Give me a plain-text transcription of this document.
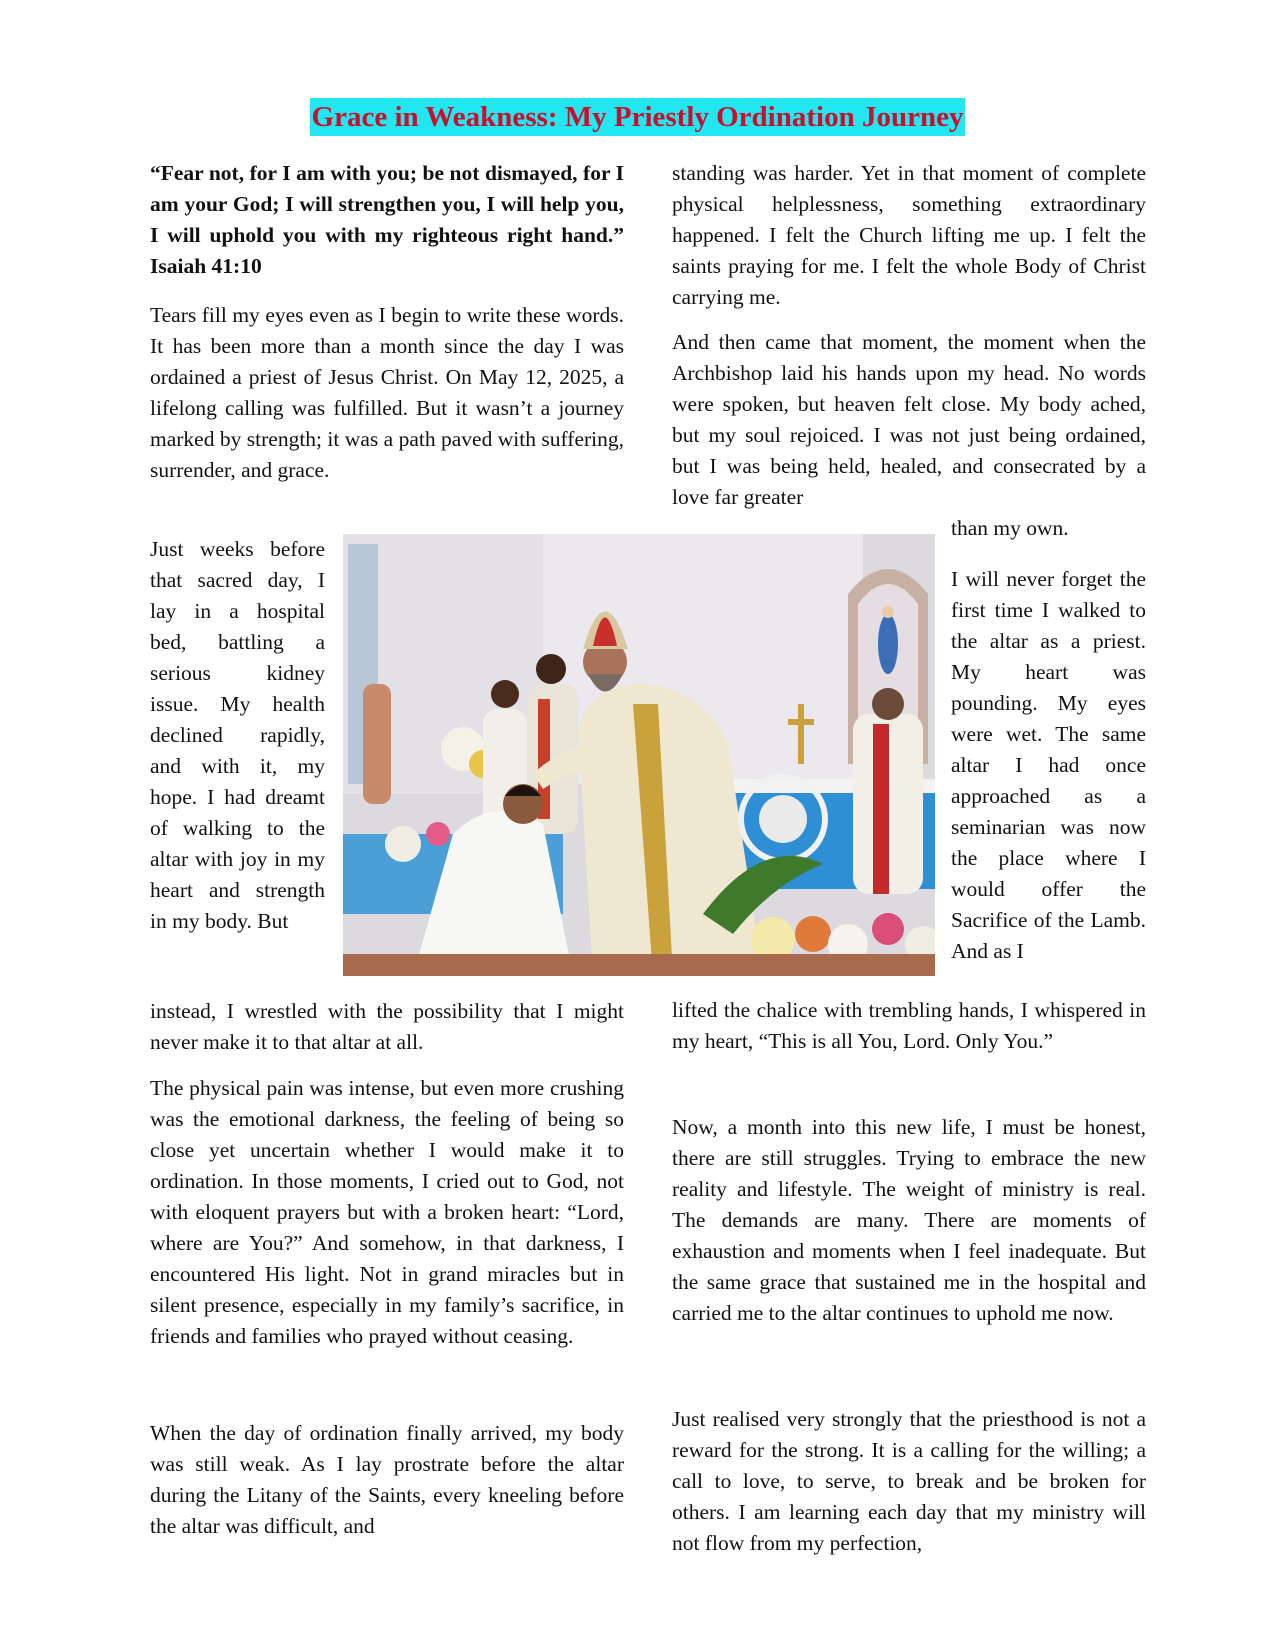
Grace in Weakness: My Priestly Ordination Journey

“Fear not, for I am with you; be not dismayed, for I am your God; I will strengthen you, I will help you, I will uphold you with my righteous right hand.” Isaiah 41:10

Tears fill my eyes even as I begin to write these words. It has been more than a month since the day I was ordained a priest of Jesus Christ. On May 12, 2025, a lifelong calling was fulfilled. But it wasn’t a journey marked by strength; it was a path paved with suffering, surrender, and grace.

Just weeks before that sacred day, I lay in a hospital bed, battling a serious kidney issue. My health declined rapidly, and with it, my hope. I had dreamt of walking to the altar with joy in my heart and strength in my body. But

instead, I wrestled with the possibility that I might never make it to that altar at all.

The physical pain was intense, but even more crushing was the emotional darkness, the feeling of being so close yet uncertain whether I would make it to ordination. In those moments, I cried out to God, not with eloquent prayers but with a broken heart: “Lord, where are You?” And somehow, in that darkness, I encountered His light. Not in grand miracles but in silent presence, especially in my family’s sacrifice, in friends and families who prayed without ceasing.

When the day of ordination finally arrived, my body was still weak. As I lay prostrate before the altar during the Litany of the Saints, every kneeling before the altar was difficult, and

standing was harder. Yet in that moment of complete physical helplessness, something extraordinary happened. I felt the Church lifting me up. I felt the saints praying for me. I felt the whole Body of Christ carrying me.

And then came that moment, the moment when the Archbishop laid his hands upon my head. No words were spoken, but heaven felt close. My body ached, but my soul rejoiced. I was not just being ordained, but I was being held, healed, and consecrated by a love far greater

than my own.

I will never forget the first time I walked to the altar as a priest. My heart was pounding. My eyes were wet. The same altar I had once approached as a seminarian was now the place where I would offer the Sacrifice of the Lamb. And as I

lifted the chalice with trembling hands, I whispered in my heart, “This is all You, Lord. Only You.”

Now, a month into this new life, I must be honest, there are still struggles. Trying to embrace the new reality and lifestyle. The weight of ministry is real. The demands are many. There are moments of exhaustion and moments when I feel inadequate. But the same grace that sustained me in the hospital and carried me to the altar continues to uphold me now.

Just realised very strongly that the priesthood is not a reward for the strong. It is a calling for the willing; a call to love, to serve, to break and be broken for others. I am learning each day that my ministry will not flow from my perfection,
